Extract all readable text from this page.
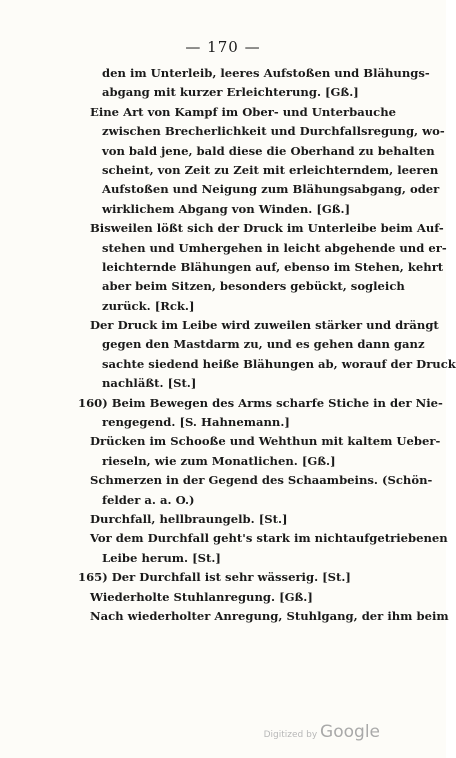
— 170 —
den im Unterleib, leeres Aufstoßen und Blähungs-
abgang mit kurzer Erleichterung. [Gß.]
Eine Art von Kampf im Ober- und Unterbauche
zwischen Brecherlichkeit und Durchfallsregung, wo-
von bald jene, bald diese die Oberhand zu behalten
scheint, von Zeit zu Zeit mit erleichterndem, leeren
Aufstoßen und Neigung zum Blähungsabgang, oder
wirklichem Abgang von Winden. [Gß.]
Bisweilen lößt sich der Druck im Unterleibe beim Auf-
stehen und Umhergehen in leicht abgehende und er-
leichternde Blähungen auf, ebenso im Stehen, kehrt
aber beim Sitzen, besonders gebückt, sogleich
zurück. [Rck.]
Der Druck im Leibe wird zuweilen stärker und drängt
gegen den Mastdarm zu, und es gehen dann ganz
sachte siedend heiße Blähungen ab, worauf der Druck
nachläßt. [St.]
160) Beim Bewegen des Arms scharfe Stiche in der Nie-
rengegend. [S. Hahnemann.]
Drücken im Schooße und Wehthun mit kaltem Ueber-
rieseln, wie zum Monatlichen. [Gß.]
Schmerzen in der Gegend des Schaambeins. (Schön-
felder a. a. O.)
Durchfall, hellbraungelb. [St.]
Vor dem Durchfall geht's stark im nichtaufgetriebenen
Leibe herum. [St.]
165) Der Durchfall ist sehr wässerig. [St.]
Wiederholte Stuhlanregung. [Gß.]
Nach wiederholter Anregung, Stuhlgang, der ihm beim
Digitized by Google
